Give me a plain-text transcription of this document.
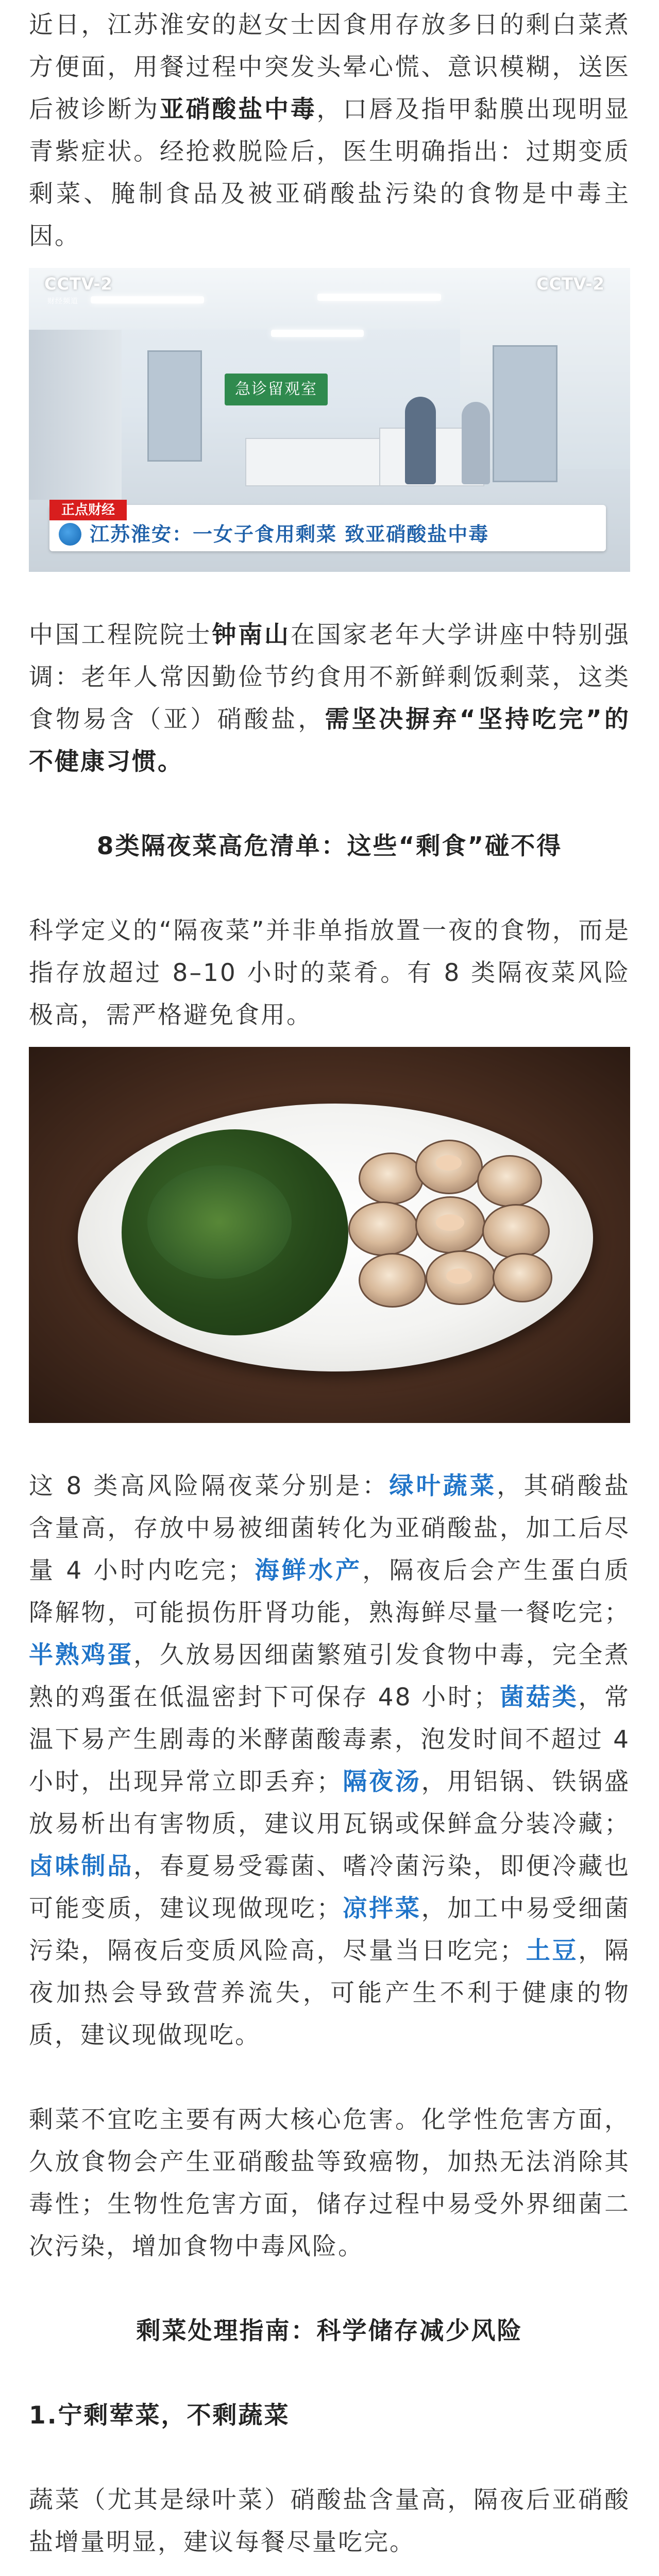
近日，江苏淮安的赵女士因食用存放多日的剩白菜煮方便面，用餐过程中突发头晕心慌、意识模糊，送医后被诊断为亚硝酸盐中毒，口唇及指甲黏膜出现明显青紫症状。经抢救脱险后，医生明确指出：过期变质剩菜、腌制食品及被亚硝酸盐污染的食物是中毒主因。

急诊留观室
CCTV-2
财经频道
CCTV-2
正点财经
江苏淮安：一女子食用剩菜 致亚硝酸盐中毒

中国工程院院士钟南山在国家老年大学讲座中特别强调：老年人常因勤俭节约食用不新鲜剩饭剩菜，这类食物易含（亚）硝酸盐，需坚决摒弃“坚持吃完”的不健康习惯。

8类隔夜菜高危清单：这些“剩食”碰不得

科学定义的“隔夜菜”并非单指放置一夜的食物，而是指存放超过 8–10 小时的菜肴。有 8 类隔夜菜风险极高，需严格避免食用。

这 8 类高风险隔夜菜分别是：绿叶蔬菜，其硝酸盐含量高，存放中易被细菌转化为亚硝酸盐，加工后尽量 4 小时内吃完；海鲜水产，隔夜后会产生蛋白质降解物，可能损伤肝肾功能，熟海鲜尽量一餐吃完；半熟鸡蛋，久放易因细菌繁殖引发食物中毒，完全煮熟的鸡蛋在低温密封下可保存 48 小时；菌菇类，常温下易产生剧毒的米酵菌酸毒素，泡发时间不超过 4 小时，出现异常立即丢弃；隔夜汤，用铝锅、铁锅盛放易析出有害物质，建议用瓦锅或保鲜盒分装冷藏；卤味制品，春夏易受霉菌、嗜冷菌污染，即便冷藏也可能变质，建议现做现吃；凉拌菜，加工中易受细菌污染，隔夜后变质风险高，尽量当日吃完；土豆，隔夜加热会导致营养流失，可能产生不利于健康的物质，建议现做现吃。

剩菜不宜吃主要有两大核心危害。化学性危害方面，久放食物会产生亚硝酸盐等致癌物，加热无法消除其毒性；生物性危害方面，储存过程中易受外界细菌二次污染，增加食物中毒风险。

剩菜处理指南：科学储存减少风险

1.宁剩荤菜，不剩蔬菜

蔬菜（尤其是绿叶菜）硝酸盐含量高，隔夜后亚硝酸盐增量明显，建议每餐尽量吃完。
